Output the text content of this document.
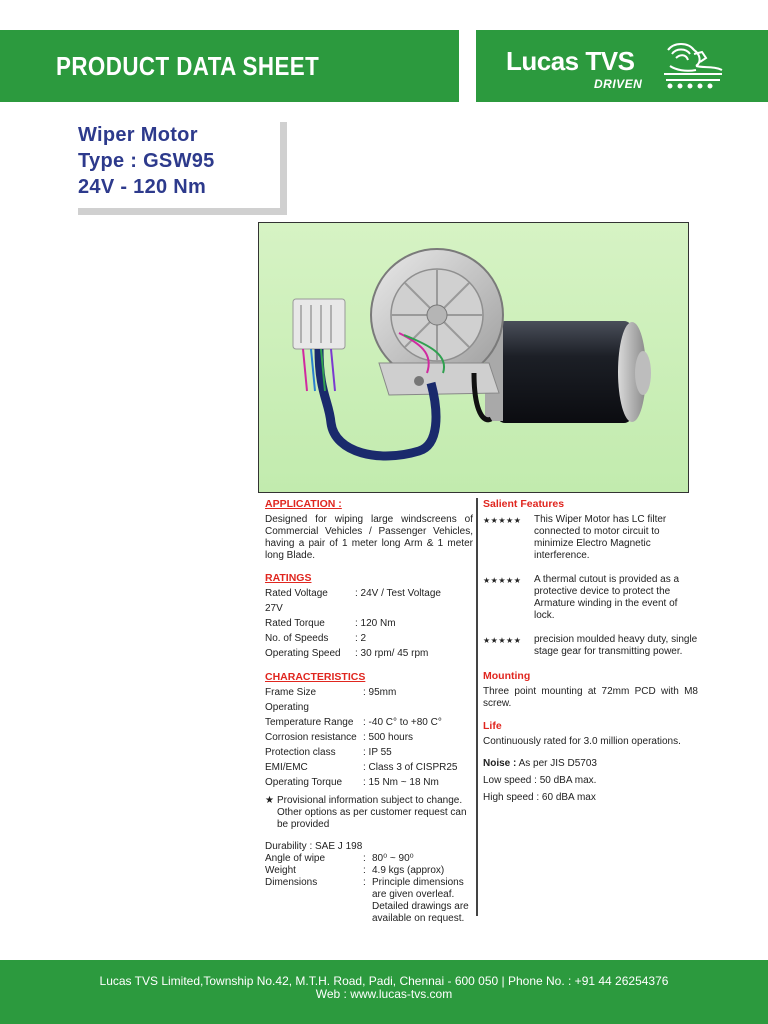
PRODUCT DATA SHEET	Lucas TVS
DRIVEN
Wiper Motor
Type : GSW95
24V - 120 Nm
APPLICATION :
Designed for wiping large windscreens of Commercial Vehicles / Passenger Vehicles, having a pair of 1 meter long Arm & 1 meter long Blade.
RATINGS
Rated Voltage	: 24V / Test Voltage
27V
Rated Torque	: 120 Nm
No. of Speeds	: 2
Operating Speed	: 30 rpm/ 45 rpm
CHARACTERISTICS
Frame Size	: 95mm
Operating
Temperature Range : -40 C° to +80 C°
Corrosion resistance : 500 hours
Protection class	: IP 55
EMI/EMC	: Class 3 of CISPR25
Operating Torque	: 15 Nm ~ 18 Nm
★ Provisional information subject to change. Other options as per customer request can be provided
Durability : SAE J 198
Angle of wipe	: 80⁰ ~ 90⁰
Weight	: 4.9 kgs (approx)
Dimensions	: Principle dimensions are given overleaf. Detailed drawings are available on request.
Salient Features
★★★★★	This Wiper Motor has LC filter connected to motor circuit to minimize Electro Magnetic interference.
★★★★★	A thermal cutout is provided as a protective device to protect the Armature winding in the event of lock.
★★★★★	precision moulded heavy duty, single stage gear for transmitting power.
Mounting
Three point mounting at 72mm PCD with M8 screw.
Life
Continuously rated for 3.0 million operations.
Noise : As per JIS D5703
Low speed : 50 dBA max.
High speed : 60 dBA max
Lucas TVS Limited,Township No.42, M.T.H. Road, Padi, Chennai - 600 050 | Phone No. : +91 44 26254376
Web : www.lucas-tvs.com
